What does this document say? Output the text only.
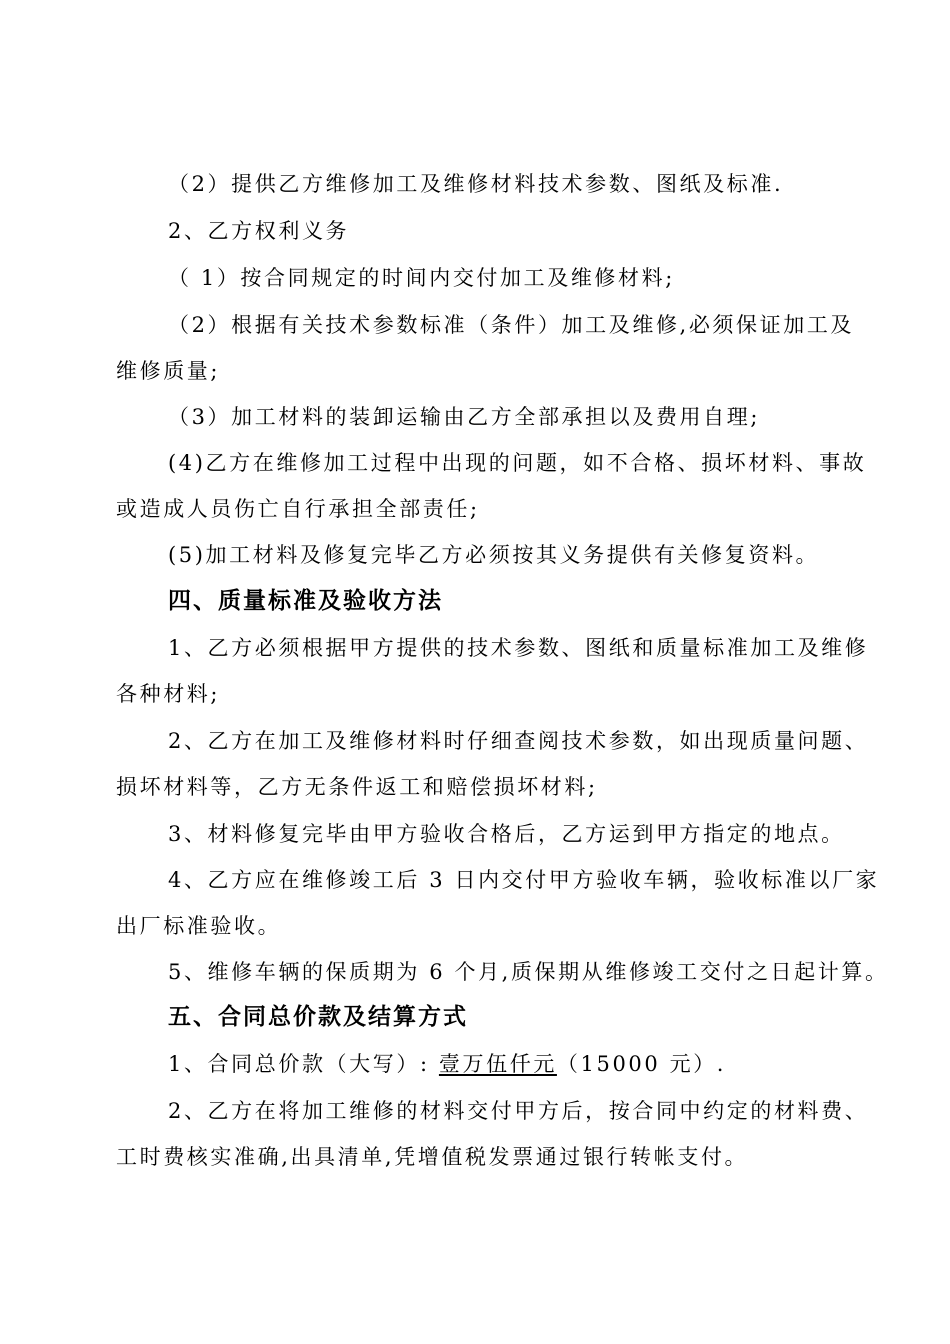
（2）提供乙方维修加工及维修材料技术参数、图纸及标准.
2、乙方权利义务
（ 1）按合同规定的时间内交付加工及维修材料;
（2）根据有关技术参数标准（条件）加工及维修,必须保证加工及
维修质量;
（3）加工材料的装卸运输由乙方全部承担以及费用自理;
(4)乙方在维修加工过程中出现的问题，如不合格、损坏材料、事故
或造成人员伤亡自行承担全部责任;
(5)加工材料及修复完毕乙方必须按其义务提供有关修复资料。
四、质量标准及验收方法
1、乙方必须根据甲方提供的技术参数、图纸和质量标准加工及维修
各种材料;
2、乙方在加工及维修材料时仔细查阅技术参数，如出现质量问题、
损坏材料等，乙方无条件返工和赔偿损坏材料;
3、材料修复完毕由甲方验收合格后，乙方运到甲方指定的地点。
4、乙方应在维修竣工后 3 日内交付甲方验收车辆，验收标准以厂家
出厂标准验收。
5、维修车辆的保质期为 6 个月,质保期从维修竣工交付之日起计算。
五、合同总价款及结算方式
1、合同总价款（大写）: 壹万伍仟元（15000 元）.
2、乙方在将加工维修的材料交付甲方后，按合同中约定的材料费、
工时费核实准确,出具清单,凭增值税发票通过银行转帐支付。
